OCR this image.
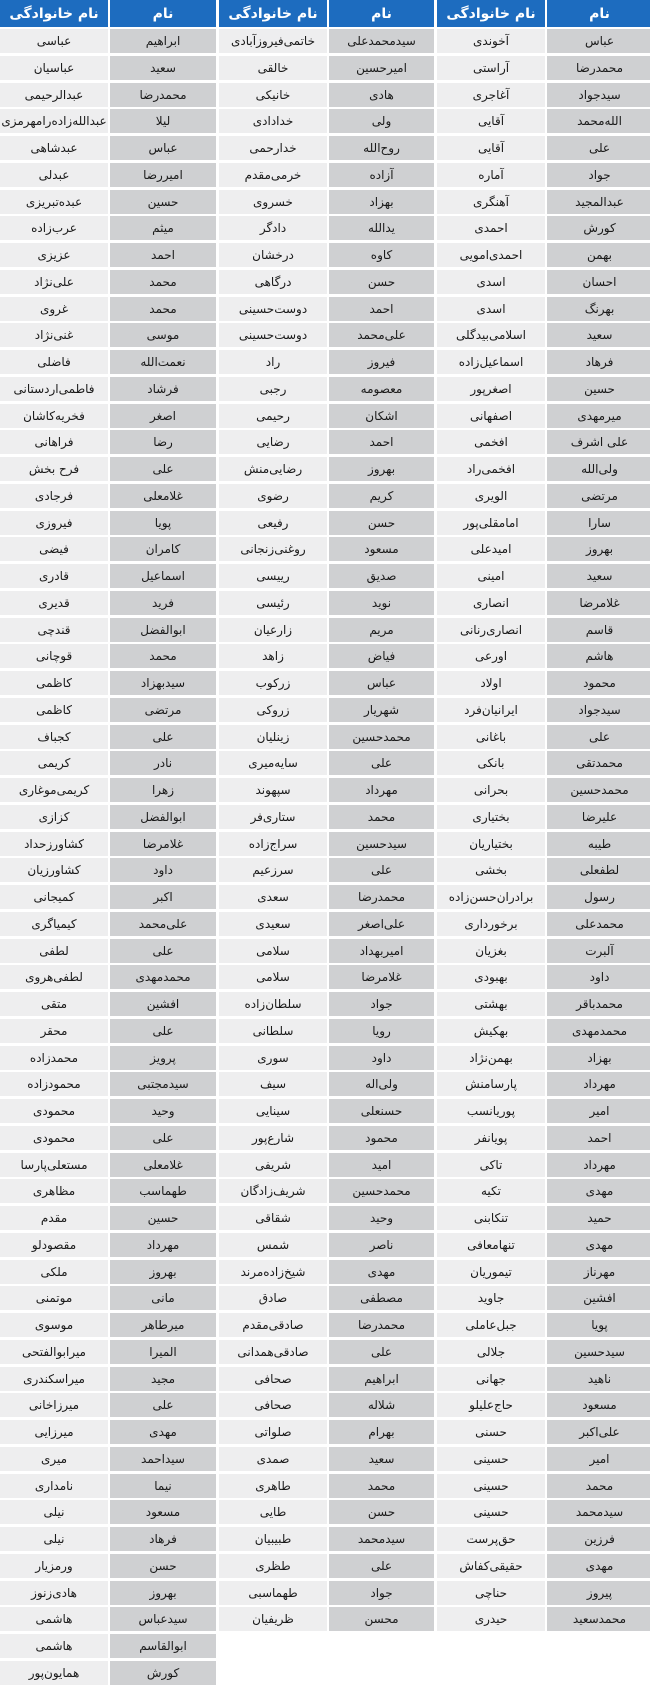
نام
نام خانوادگی
عباس
آخوندی
محمدرضا
آراستی
سیدجواد
آغاجری
الله‌محمد
آقایی
علی
آقایی
جواد
آماره
عبدالمجید
آهنگری
کورش
احمدی
بهمن
احمدی‌امویی
احسان
اسدی
بهرنگ
اسدی
سعید
اسلامی‌بیدگلی
فرهاد
اسماعیل‌زاده
حسین
اصغرپور
میرمهدی
اصفهانی
علی اشرف
افخمی
ولی‌الله
افخمی‌راد
مرتضی
الویری
سارا
امامقلی‌پور
بهروز
امیدعلی
سعید
امینی
غلامرضا
انصاری
قاسم
انصاری‌رنانی
هاشم
اورعی
محمود
اولاد
سیدجواد
ایرانیان‌فرد
علی
باغانی
محمدتقی
بانکی
محمدحسین
بحرانی
علیرضا
بختیاری
طیبه
بختیاریان
لطفعلی
بخشی
رسول
برادران‌حسن‌زاده
محمدعلی
برخورداری
آلبرت
بغزیان
داود
بهبودی
محمدباقر
بهشتی
محمدمهدی
بهکیش
بهزاد
بهمن‌نژاد
مهرداد
پارسامنش
امیر
پوریانسب
احمد
پویانفر
مهرداد
تاکی
مهدی
تکیه
حمید
تنکابنی
مهدی
تنهامعافی
مهرناز
تیموریان
افشین
جاوید
پویا
جبل‌عاملی
سیدحسین
جلالی
ناهید
جهانی
مسعود
حاج‌علیلو
علی‌اکبر
حسنی
امیر
حسینی
محمد
حسینی
سیدمحمد
حسینی
فرزین
حق‌پرست
مهدی
حقیقی‌کفاش
پیروز
حناچی
محمدسعید
حیدری
نام
نام خانوادگی
سیدمحمدعلی
خاتمی‌فیروزآبادی
امیرحسین
خالقی
هادی
خانیکی
ولی
خدادادی
روح‌الله
خدارحمی
آزاده
خرمی‌مقدم
بهزاد
خسروی
یدالله
دادگر
کاوه
درخشان
حسن
درگاهی
احمد
دوست‌حسینی
علی‌محمد
دوست‌حسینی
فیروز
راد
معصومه
رجبی
اشکان
رحیمی
احمد
رضایی
بهروز
رضایی‌منش
کریم
رضوی
حسن
رفیعی
مسعود
روغنی‌زنجانی
صدیق
رییسی
نوید
رئیسی
مریم
زارعیان
فیاض
زاهد
عباس
زرکوب
شهریار
زروکی
محمدحسین
زینلیان
علی
سایه‌میری
مهرداد
سپهوند
محمد
ستاری‌فر
سیدحسین
سراج‌زاده
علی
سرزعیم
محمدرضا
سعدی
علی‌اصغر
سعیدی
امیربهداد
سلامی
غلامرضا
سلامی
جواد
سلطان‌زاده
رویا
سلطانی
داود
سوری
ولی‌اله
سیف
حسنعلی
سینایی
محمود
شارع‌پور
امید
شریفی
محمدحسین
شریف‌زادگان
وحید
شقاقی
ناصر
شمس
مهدی
شیخ‌زاده‌مرند
مصطفی
صادق
محمدرضا
صادقی‌مقدم
علی
صادقی‌همدانی
ابراهیم
صحافی
شلاله
صحافی
بهرام
صلواتی
سعید
صمدی
محمد
طاهری
حسن
طایی
سیدمحمد
طبیبیان
علی
طظری
جواد
طهماسبی
محسن
ظریفیان
نام
نام خانوادگی
ابراهیم
عباسی
سعید
عباسیان
محمدرضا
عبدالرحیمی
لیلا
عبدالله‌زاده‌رامهرمزی
عباس
عبدشاهی
امیررضا
عبدلی
حسین
عبده‌تبریزی
میثم
عرب‌زاده
احمد
عزیزی
محمد
علی‌نژاد
محمد
غروی
موسی
غنی‌نژاد
نعمت‌الله
فاضلی
فرشاد
فاطمی‌اردستانی
اصغر
فخریه‌کاشان
رضا
فراهانی
علی
فرح بخش
غلامعلی
فرجادی
پویا
فیروزی
کامران
فیضی
اسماعیل
قادری
فرید
قدیری
ابوالفضل
قندچی
محمد
قوچانی
سیدبهزاد
کاظمی
مرتضی
کاظمی
علی
کجباف
نادر
کریمی
زهرا
کریمی‌موغاری
ابوالفضل
کزازی
غلامرضا
کشاورزحداد
داود
کشاورزیان
اکبر
کمیجانی
علی‌محمد
کیمیاگری
علی
لطفی
محمدمهدی
لطفی‌هروی
افشین
متقی
علی
محقر
پرویز
محمدزاده
سیدمجتبی
محمودزاده
وحید
محمودی
علی
محمودی
غلامعلی
مستعلی‌پارسا
طهماسب
مظاهری
حسین
مقدم
مهرداد
مقصودلو
بهروز
ملکی
مانی
موتمنی
میرطاهر
موسوی
المیرا
میرابوالفتحی
مجید
میراسکندری
علی
میرزاخانی
مهدی
میرزایی
سیداحمد
میری
نیما
نامداری
مسعود
نیلی
فرهاد
نیلی
حسن
ورمزیار
بهروز
هادی‌زنوز
سیدعباس
هاشمی
ابوالقاسم
هاشمی
کورش
همایون‌پور
